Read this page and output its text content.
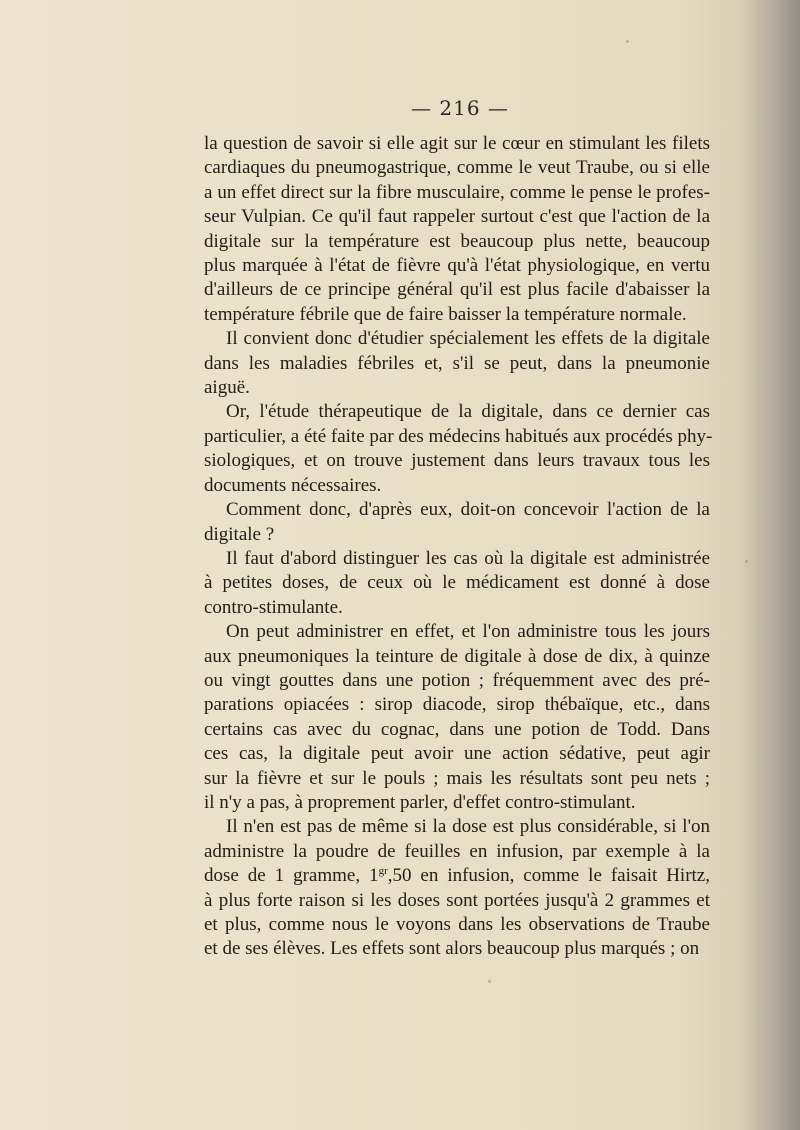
— 216 —
la question de savoir si elle agit sur le cœur en stimulant les filets
cardiaques du pneumogastrique, comme le veut Traube, ou si elle
a un effet direct sur la fibre musculaire, comme le pense le profes-
seur Vulpian. Ce qu'il faut rappeler surtout c'est que l'action de la
digitale sur la température est beaucoup plus nette, beaucoup
plus marquée à l'état de fièvre qu'à l'état physiologique, en vertu
d'ailleurs de ce principe général qu'il est plus facile d'abaisser la
température fébrile que de faire baisser la température normale.
Il convient donc d'étudier spécialement les effets de la digitale
dans les maladies fébriles et, s'il se peut, dans la pneumonie
aiguë.
Or, l'étude thérapeutique de la digitale, dans ce dernier cas
particulier, a été faite par des médecins habitués aux procédés phy-
siologiques, et on trouve justement dans leurs travaux tous les
documents nécessaires.
Comment donc, d'après eux, doit-on concevoir l'action de la
digitale ?
Il faut d'abord distinguer les cas où la digitale est administrée
à petites doses, de ceux où le médicament est donné à dose
contro-stimulante.
On peut administrer en effet, et l'on administre tous les jours
aux pneumoniques la teinture de digitale à dose de dix, à quinze
ou vingt gouttes dans une potion ; fréquemment avec des pré-
parations opiacées : sirop diacode, sirop thébaïque, etc., dans
certains cas avec du cognac, dans une potion de Todd. Dans
ces cas, la digitale peut avoir une action sédative, peut agir
sur la fièvre et sur le pouls ; mais les résultats sont peu nets ;
il n'y a pas, à proprement parler, d'effet contro-stimulant.
Il n'en est pas de même si la dose est plus considérable, si l'on
administre la poudre de feuilles en infusion, par exemple à la
dose de 1 gramme, $1^{gr},50$ en infusion, comme le faisait Hirtz,
à plus forte raison si les doses sont portées jusqu'à 2 grammes et
et plus, comme nous le voyons dans les observations de Traube
et de ses élèves. Les effets sont alors beaucoup plus marqués ; on
